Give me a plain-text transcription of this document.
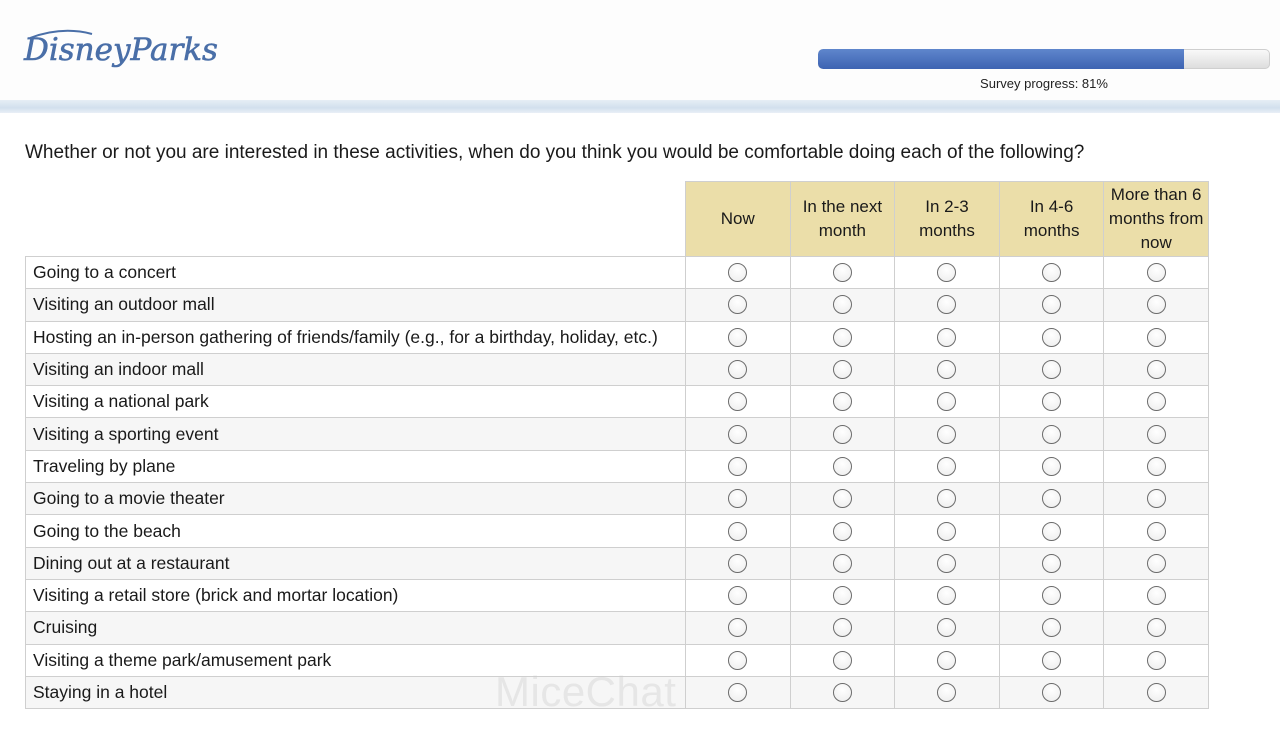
DisneyParks
Survey progress: 81%
Whether or not you are interested in these activities, when do you think you would be comfortable doing each of the following?
	Now	In the next month	In 2-3 months	In 4-6 months	More than 6 months from now
Going to a concert					
Visiting an outdoor mall					
Hosting an in-person gathering of friends/family (e.g., for a birthday, holiday, etc.)					
Visiting an indoor mall					
Visiting a national park					
Visiting a sporting event					
Traveling by plane					
Going to a movie theater					
Going to the beach					
Dining out at a restaurant					
Visiting a retail store (brick and mortar location)					
Cruising					
Visiting a theme park/amusement park					
Staying in a hotel						MiceChat
